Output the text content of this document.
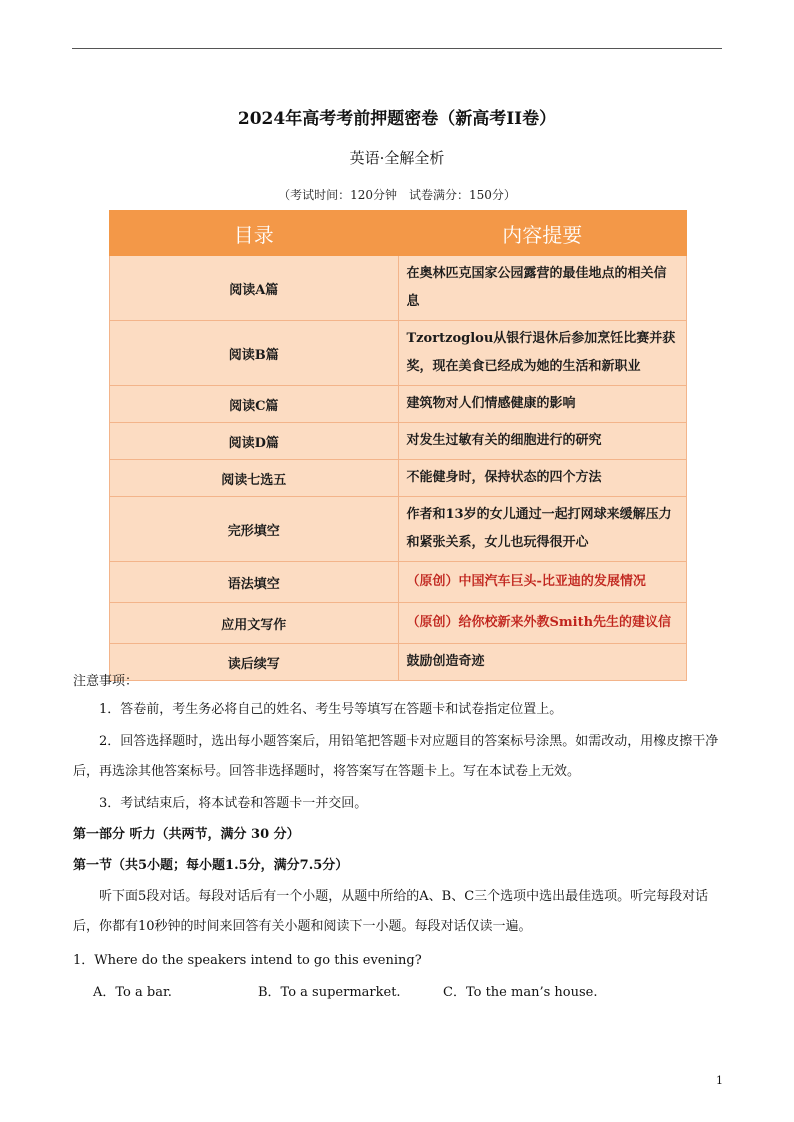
2024年高考考前押题密卷（新高考II卷）
英语·全解全析
（考试时间：120分钟　试卷满分：150分）
目录	内容提要
阅读A篇	在奥林匹克国家公园露营的最佳地点的相关信息
阅读B篇	Tzortzoglou从银行退休后参加烹饪比赛并获奖，现在美食已经成为她的生活和新职业
阅读C篇	建筑物对人们情感健康的影响
阅读D篇	对发生过敏有关的细胞进行的研究
阅读七选五	不能健身时，保持状态的四个方法
完形填空	作者和13岁的女儿通过一起打网球来缓解压力和紧张关系，女儿也玩得很开心
语法填空	（原创）中国汽车巨头-比亚迪的发展情况
应用文写作	（原创）给你校新来外教Smith先生的建议信
读后续写	鼓励创造奇迹
注意事项：

1．答卷前，考生务必将自己的姓名、考生号等填写在答题卡和试卷指定位置上。

2．回答选择题时，选出每小题答案后，用铅笔把答题卡对应题目的答案标号涂黑。如需改动，用橡皮擦干净后，再选涂其他答案标号。回答非选择题时，将答案写在答题卡上。写在本试卷上无效。

3．考试结束后，将本试卷和答题卡一并交回。

第一部分 听力（共两节，满分 30 分）

第一节（共5小题；每小题1.5分，满分7.5分）

听下面5段对话。每段对话后有一个小题，从题中所给的A、B、C三个选项中选出最佳选项。听完每段对话后，你都有10秒钟的时间来回答有关小题和阅读下一小题。每段对话仅读一遍。

1．Where do the speakers intend to go this evening?

A．To a bar.	B．To a supermarket.	C．To the man’s house.
1
